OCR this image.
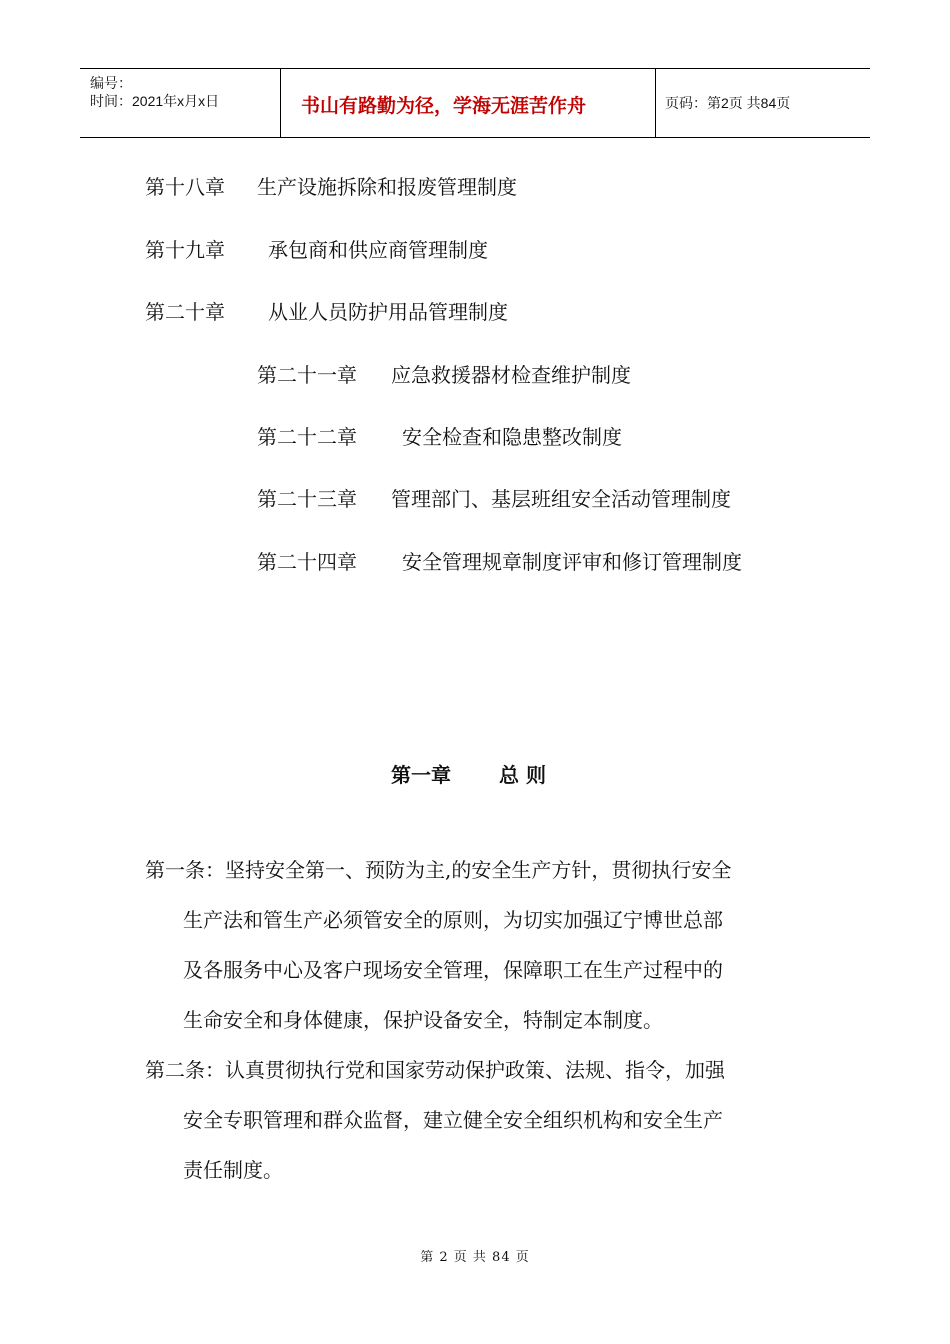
编号：
时间：2021年x月x日	书山有路勤为径，学海无涯苦作舟	页码：第2页 共84页
第十八章 生产设施拆除和报废管理制度
第十九章 承包商和供应商管理制度
第二十章 从业人员防护用品管理制度
第二十一章 应急救援器材检查维护制度
第二十二章 安全检查和隐患整改制度
第二十三章 管理部门、基层班组安全活动管理制度
第二十四章 安全管理规章制度评审和修订管理制度
第一章 总 则
第一条：坚持安全第一、预防为主,的安全生产方针，贯彻执行安全
生产法和管生产必须管安全的原则，为切实加强辽宁博世总部
及各服务中心及客户现场安全管理，保障职工在生产过程中的
生命安全和身体健康，保护设备安全，特制定本制度。
第二条：认真贯彻执行党和国家劳动保护政策、法规、指令，加强
安全专职管理和群众监督，建立健全安全组织机构和安全生产
责任制度。
第 2 页 共 84 页
